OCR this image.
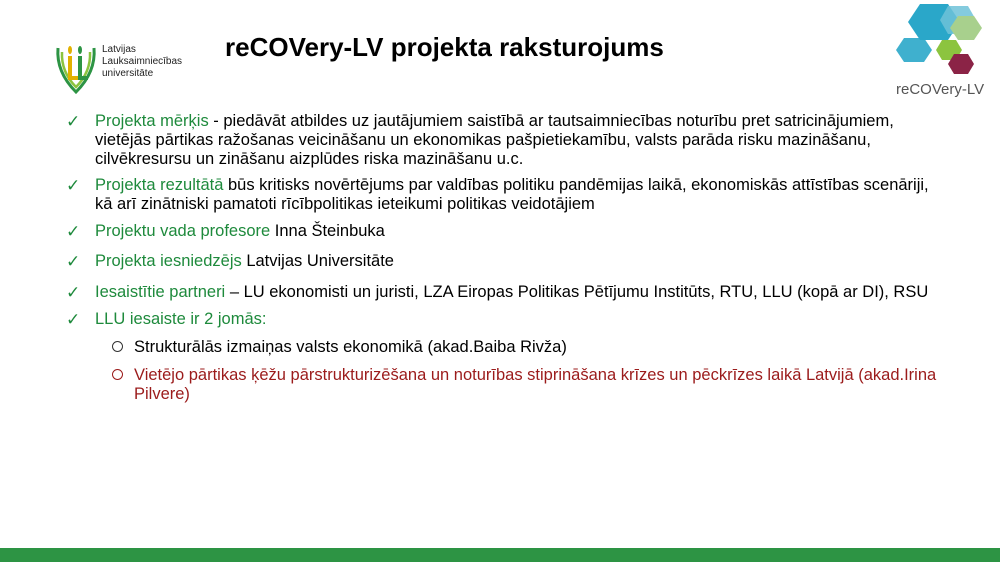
Latvijas
Lauksaimniecības
universitāte
reCOVery-LV projekta raksturojums
reCOVery-LV
✓ Projekta mērķis - piedāvāt atbildes uz jautājumiem saistībā ar tautsaimniecības noturību pret satricinājumiem, vietējās pārtikas ražošanas veicināšanu un ekonomikas pašpietiekamību, valsts parāda risku mazināšanu, cilvēkresursu un zināšanu aizplūdes riska mazināšanu u.c.
✓ Projekta rezultātā būs kritisks novērtējums par valdības politiku pandēmijas laikā, ekonomiskās attīstības scenāriji, kā arī zinātniski pamatoti rīcībpolitikas ieteikumi politikas veidotājiem
✓ Projektu vada profesore Inna Šteinbuka
✓ Projekta iesniedzējs Latvijas Universitāte
✓ Iesaistītie partneri – LU ekonomisti un juristi, LZA Eiropas Politikas Pētījumu Institūts, RTU, LLU (kopā ar DI), RSU
✓ LLU iesaiste ir 2 jomās:
Strukturālās izmaiņas valsts ekonomikā (akad.Baiba Rivža)
Vietējo pārtikas ķēžu pārstrukturizēšana un noturības stiprināšana krīzes un pēckrīzes laikā Latvijā (akad.Irina Pilvere)
